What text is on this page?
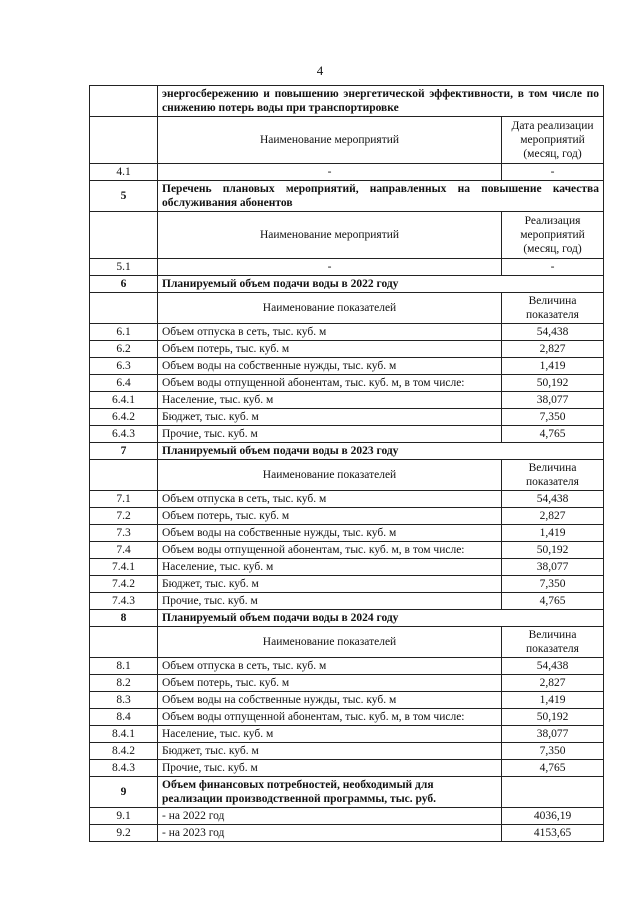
4
	энергосбережению и повышению энергетической эффективности, в том числе по снижению потерь воды при транспортировке	
	Наименование мероприятий	Дата реализации мероприятий (месяц, год)
4.1	-	-
5	Перечень плановых мероприятий, направленных на повышение качества обслуживания абонентов	
	Наименование мероприятий	Реализация мероприятий (месяц, год)
5.1	-	-
6	Планируемый объем подачи воды в 2022 году	
	Наименование показателей	Величина показателя
6.1	Объем отпуска в сеть, тыс. куб. м	54,438
6.2	Объем потерь, тыс. куб. м	2,827
6.3	Объем воды на собственные нужды, тыс. куб. м	1,419
6.4	Объем воды отпущенной абонентам, тыс. куб. м, в том числе:	50,192
6.4.1	Население, тыс. куб. м	38,077
6.4.2	Бюджет, тыс. куб. м	7,350
6.4.3	Прочие, тыс. куб. м	4,765
7	Планируемый объем подачи воды в 2023 году	
	Наименование показателей	Величина показателя
7.1	Объем отпуска в сеть, тыс. куб. м	54,438
7.2	Объем потерь, тыс. куб. м	2,827
7.3	Объем воды на собственные нужды, тыс. куб. м	1,419
7.4	Объем воды отпущенной абонентам, тыс. куб. м, в том числе:	50,192
7.4.1	Население, тыс. куб. м	38,077
7.4.2	Бюджет, тыс. куб. м	7,350
7.4.3	Прочие, тыс. куб. м	4,765
8	Планируемый объем подачи воды в 2024 году	
	Наименование показателей	Величина показателя
8.1	Объем отпуска в сеть, тыс. куб. м	54,438
8.2	Объем потерь, тыс. куб. м	2,827
8.3	Объем воды на собственные нужды, тыс. куб. м	1,419
8.4	Объем воды отпущенной абонентам, тыс. куб. м, в том числе:	50,192
8.4.1	Население, тыс. куб. м	38,077
8.4.2	Бюджет, тыс. куб. м	7,350
8.4.3	Прочие, тыс. куб. м	4,765
9	Объем финансовых потребностей, необходимый для реализации производственной программы, тыс. руб.	
9.1	- на 2022 год	4036,19
9.2	- на 2023 год	4153,65
